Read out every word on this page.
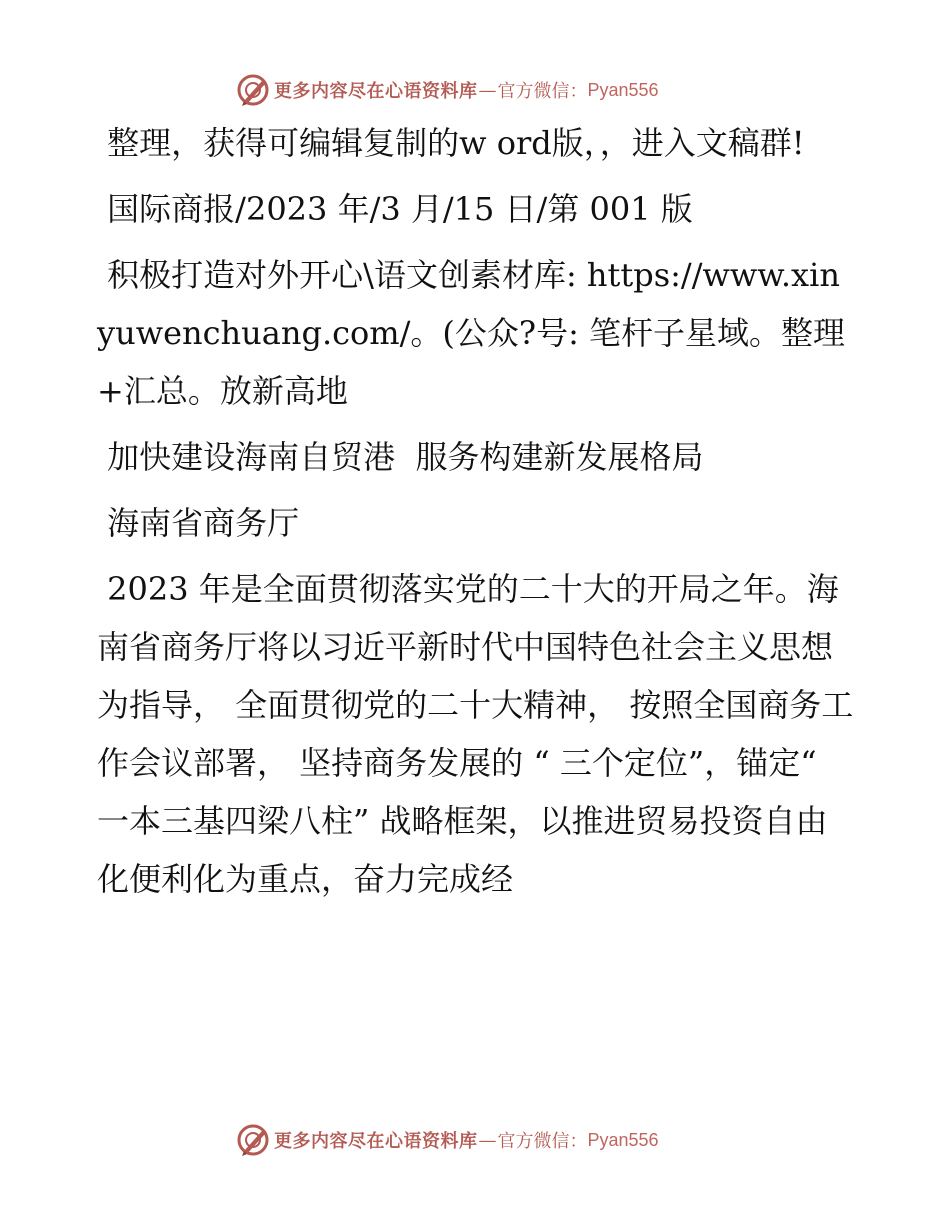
更多内容尽在心语资料库 — 官方微信： Pyan556

整理，获得可编辑复制的w ord版，，进入文稿群!

国际商报/2023 年/3 月/15 日/第 001 版

积极打造对外开心\语文创素材库: https://www.xinyuwenchuang.com/。(公众?号: 笔杆子星域。整理+汇总。放新高地

加快建设海南自贸港  服务构建新发展格局

海南省商务厅

2023 年是全面贯彻落实党的二十大的开局之年。海南省商务厅将以习近平新时代中国特色社会主义思想为指导， 全面贯彻党的二十大精神， 按照全国商务工作会议部署， 坚持商务发展的 “ 三个定位”，锚定“ 一本三基四梁八柱” 战略框架，以推进贸易投资自由化便利化为重点，奋力完成经

更多内容尽在心语资料库 — 官方微信： Pyan556
